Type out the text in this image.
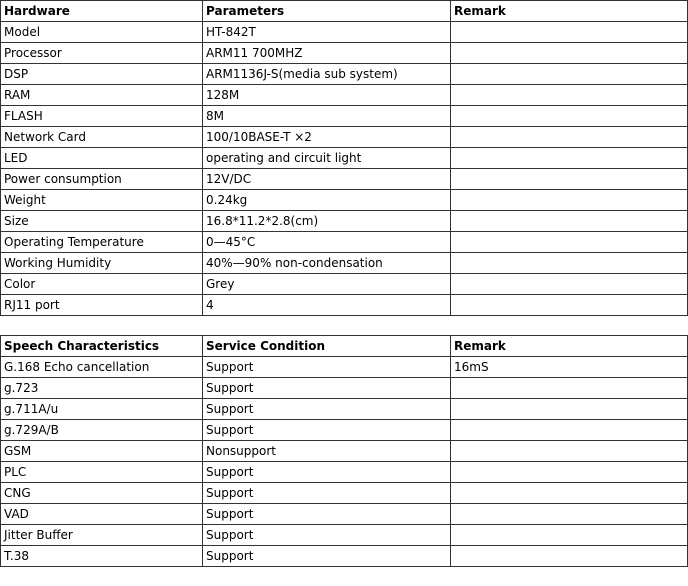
Hardware	Parameters	Remark
Model	HT-842T	
Processor	ARM11 700MHZ	
DSP	ARM1136J-S(media sub system)	
RAM	128M	
FLASH	8M	
Network Card	100/10BASE-T ×2	
LED	operating and circuit light	
Power consumption	12V/DC	
Weight	0.24kg	
Size	16.8*11.2*2.8(cm)	
Operating Temperature	0—45°C	
Working Humidity	40%—90% non-condensation	
Color	Grey	
RJ11 port	4	
Speech Characteristics	Service Condition	Remark
G.168 Echo cancellation	Support	16mS
g.723	Support	
g.711A/u	Support	
g.729A/B	Support	
GSM	Nonsupport	
PLC	Support	
CNG	Support	
VAD	Support	
Jitter Buffer	Support	
T.38	Support	
